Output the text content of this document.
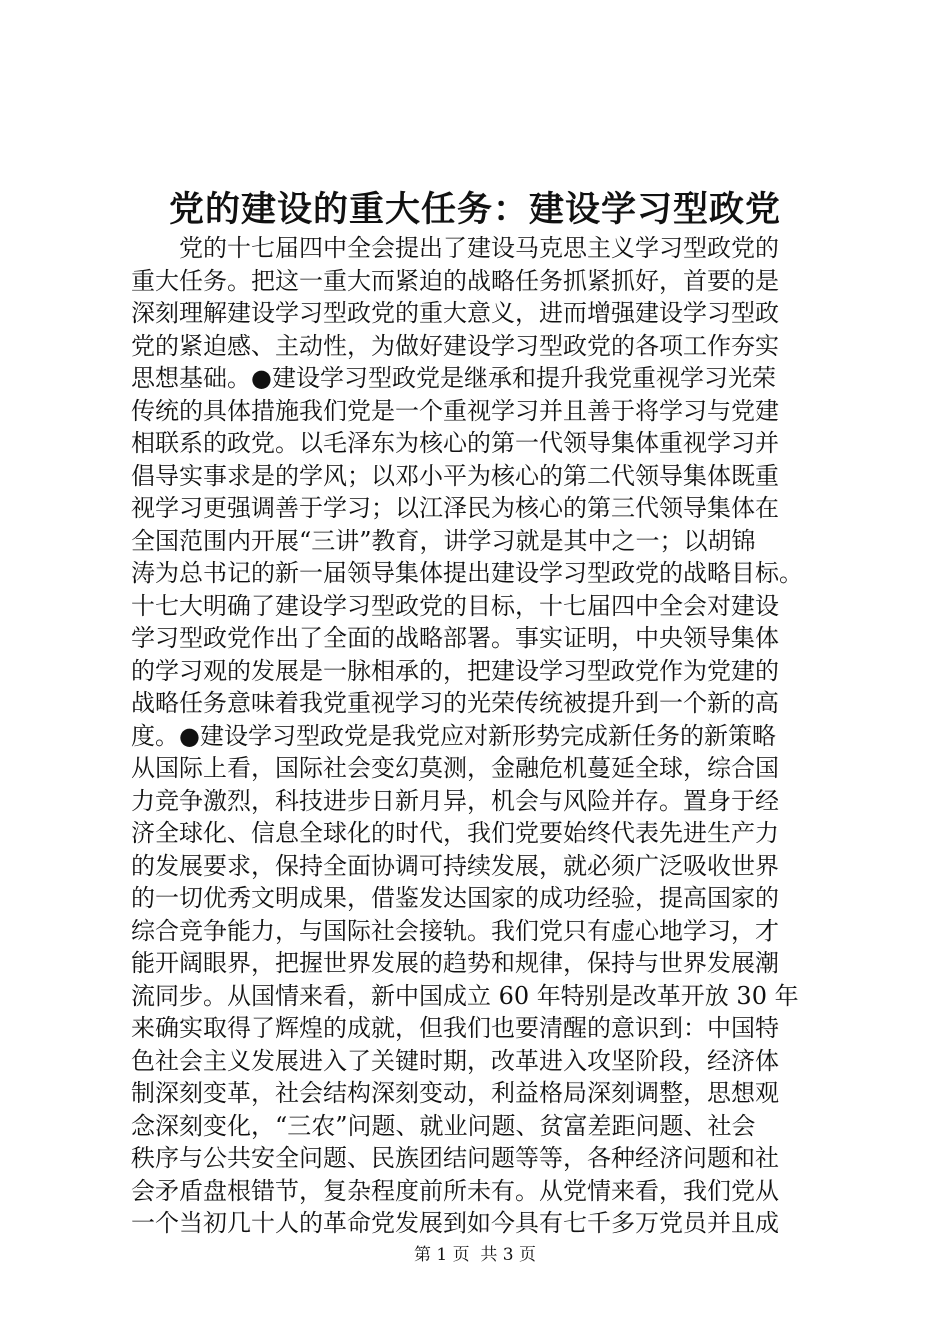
党的建设的重大任务：建设学习型政党
　　党的十七届四中全会提出了建设马克思主义学习型政党的
重大任务。把这一重大而紧迫的战略任务抓紧抓好，首要的是
深刻理解建设学习型政党的重大意义，进而增强建设学习型政
党的紧迫感、主动性，为做好建设学习型政党的各项工作夯实
思想基础。●建设学习型政党是继承和提升我党重视学习光荣
传统的具体措施我们党是一个重视学习并且善于将学习与党建
相联系的政党。以毛泽东为核心的第一代领导集体重视学习并
倡导实事求是的学风；以邓小平为核心的第二代领导集体既重
视学习更强调善于学习；以江泽民为核心的第三代领导集体在
全国范围内开展“三讲”教育，讲学习就是其中之一；以胡锦
涛为总书记的新一届领导集体提出建设学习型政党的战略目标。
十七大明确了建设学习型政党的目标，十七届四中全会对建设
学习型政党作出了全面的战略部署。事实证明，中央领导集体
的学习观的发展是一脉相承的，把建设学习型政党作为党建的
战略任务意味着我党重视学习的光荣传统被提升到一个新的高
度。●建设学习型政党是我党应对新形势完成新任务的新策略
从国际上看，国际社会变幻莫测，金融危机蔓延全球，综合国
力竞争激烈，科技进步日新月异，机会与风险并存。置身于经
济全球化、信息全球化的时代，我们党要始终代表先进生产力
的发展要求，保持全面协调可持续发展，就必须广泛吸收世界
的一切优秀文明成果，借鉴发达国家的成功经验，提高国家的
综合竞争能力，与国际社会接轨。我们党只有虚心地学习，才
能开阔眼界，把握世界发展的趋势和规律，保持与世界发展潮
流同步。从国情来看，新中国成立 60 年特别是改革开放 30 年
来确实取得了辉煌的成就，但我们也要清醒的意识到：中国特
色社会主义发展进入了关键时期，改革进入攻坚阶段，经济体
制深刻变革，社会结构深刻变动，利益格局深刻调整，思想观
念深刻变化，“三农”问题、就业问题、贫富差距问题、社会
秩序与公共安全问题、民族团结问题等等，各种经济问题和社
会矛盾盘根错节，复杂程度前所未有。从党情来看，我们党从
一个当初几十人的革命党发展到如今具有七千多万党员并且成
第 1 页  共 3 页
